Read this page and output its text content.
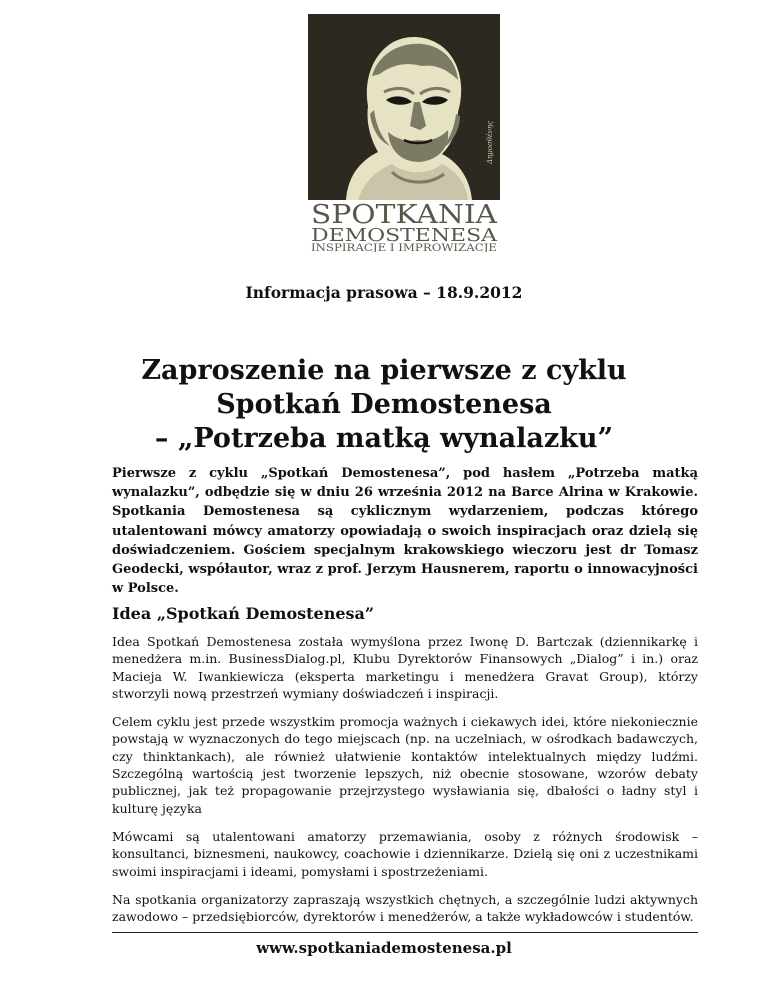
Δημοσθένης
SPOTKANIA
DEMOSTENESA
INSPIRACJE I IMPROWIZACJE
Informacja prasowa – 18.9.2012
Zaproszenie na pierwsze z cyklu
Spotkań Demostenesa
– „Potrzeba matką wynalazku”

Pierwsze z cyklu „Spotkań Demostenesa”, pod hasłem „Potrzeba matką wynalazku”, odbędzie się w dniu 26 września 2012 na Barce Alrina w Krakowie. Spotkania Demostenesa są cyklicznym wydarzeniem, podczas którego utalentowani mówcy amatorzy opowiadają o swoich inspiracjach oraz dzielą się doświadczeniem. Gościem specjalnym krakowskiego wieczoru jest dr Tomasz Geodecki, współautor, wraz z prof. Jerzym Hausnerem, raportu o innowacyjności w Polsce.

Idea „Spotkań Demostenesa”

Idea Spotkań Demostenesa została wymyślona przez Iwonę D. Bartczak (dziennikarkę i menedżera m.in. BusinessDialog.pl, Klubu Dyrektorów Finansowych „Dialog” i in.) oraz Macieja W. Iwankiewicza (eksperta marketingu i menedżera Gravat Group), którzy stworzyli nową przestrzeń wymiany doświadczeń i inspiracji.

Celem cyklu jest przede wszystkim promocja ważnych i ciekawych idei, które niekoniecznie powstają w wyznaczonych do tego miejscach (np. na uczelniach, w ośrodkach badawczych, czy thinktankach), ale również ułatwienie kontaktów intelektualnych między ludźmi. Szczególną wartością jest tworzenie lepszych, niż obecnie stosowane, wzorów debaty publicznej, jak też propagowanie przejrzystego wysławiania się, dbałości o ładny styl i kulturę języka

Mówcami są utalentowani amatorzy przemawiania, osoby z różnych środowisk – konsultanci, biznesmeni, naukowcy, coachowie i dziennikarze. Dzielą się oni z uczestnikami swoimi inspiracjami i ideami, pomysłami i spostrzeżeniami.

Na spotkania organizatorzy zapraszają wszystkich chętnych, a szczególnie ludzi aktywnych zawodowo – przedsiębiorców, dyrektorów i menedżerów, a także wykładowców i studentów.

www.spotkaniademostenesa.pl
